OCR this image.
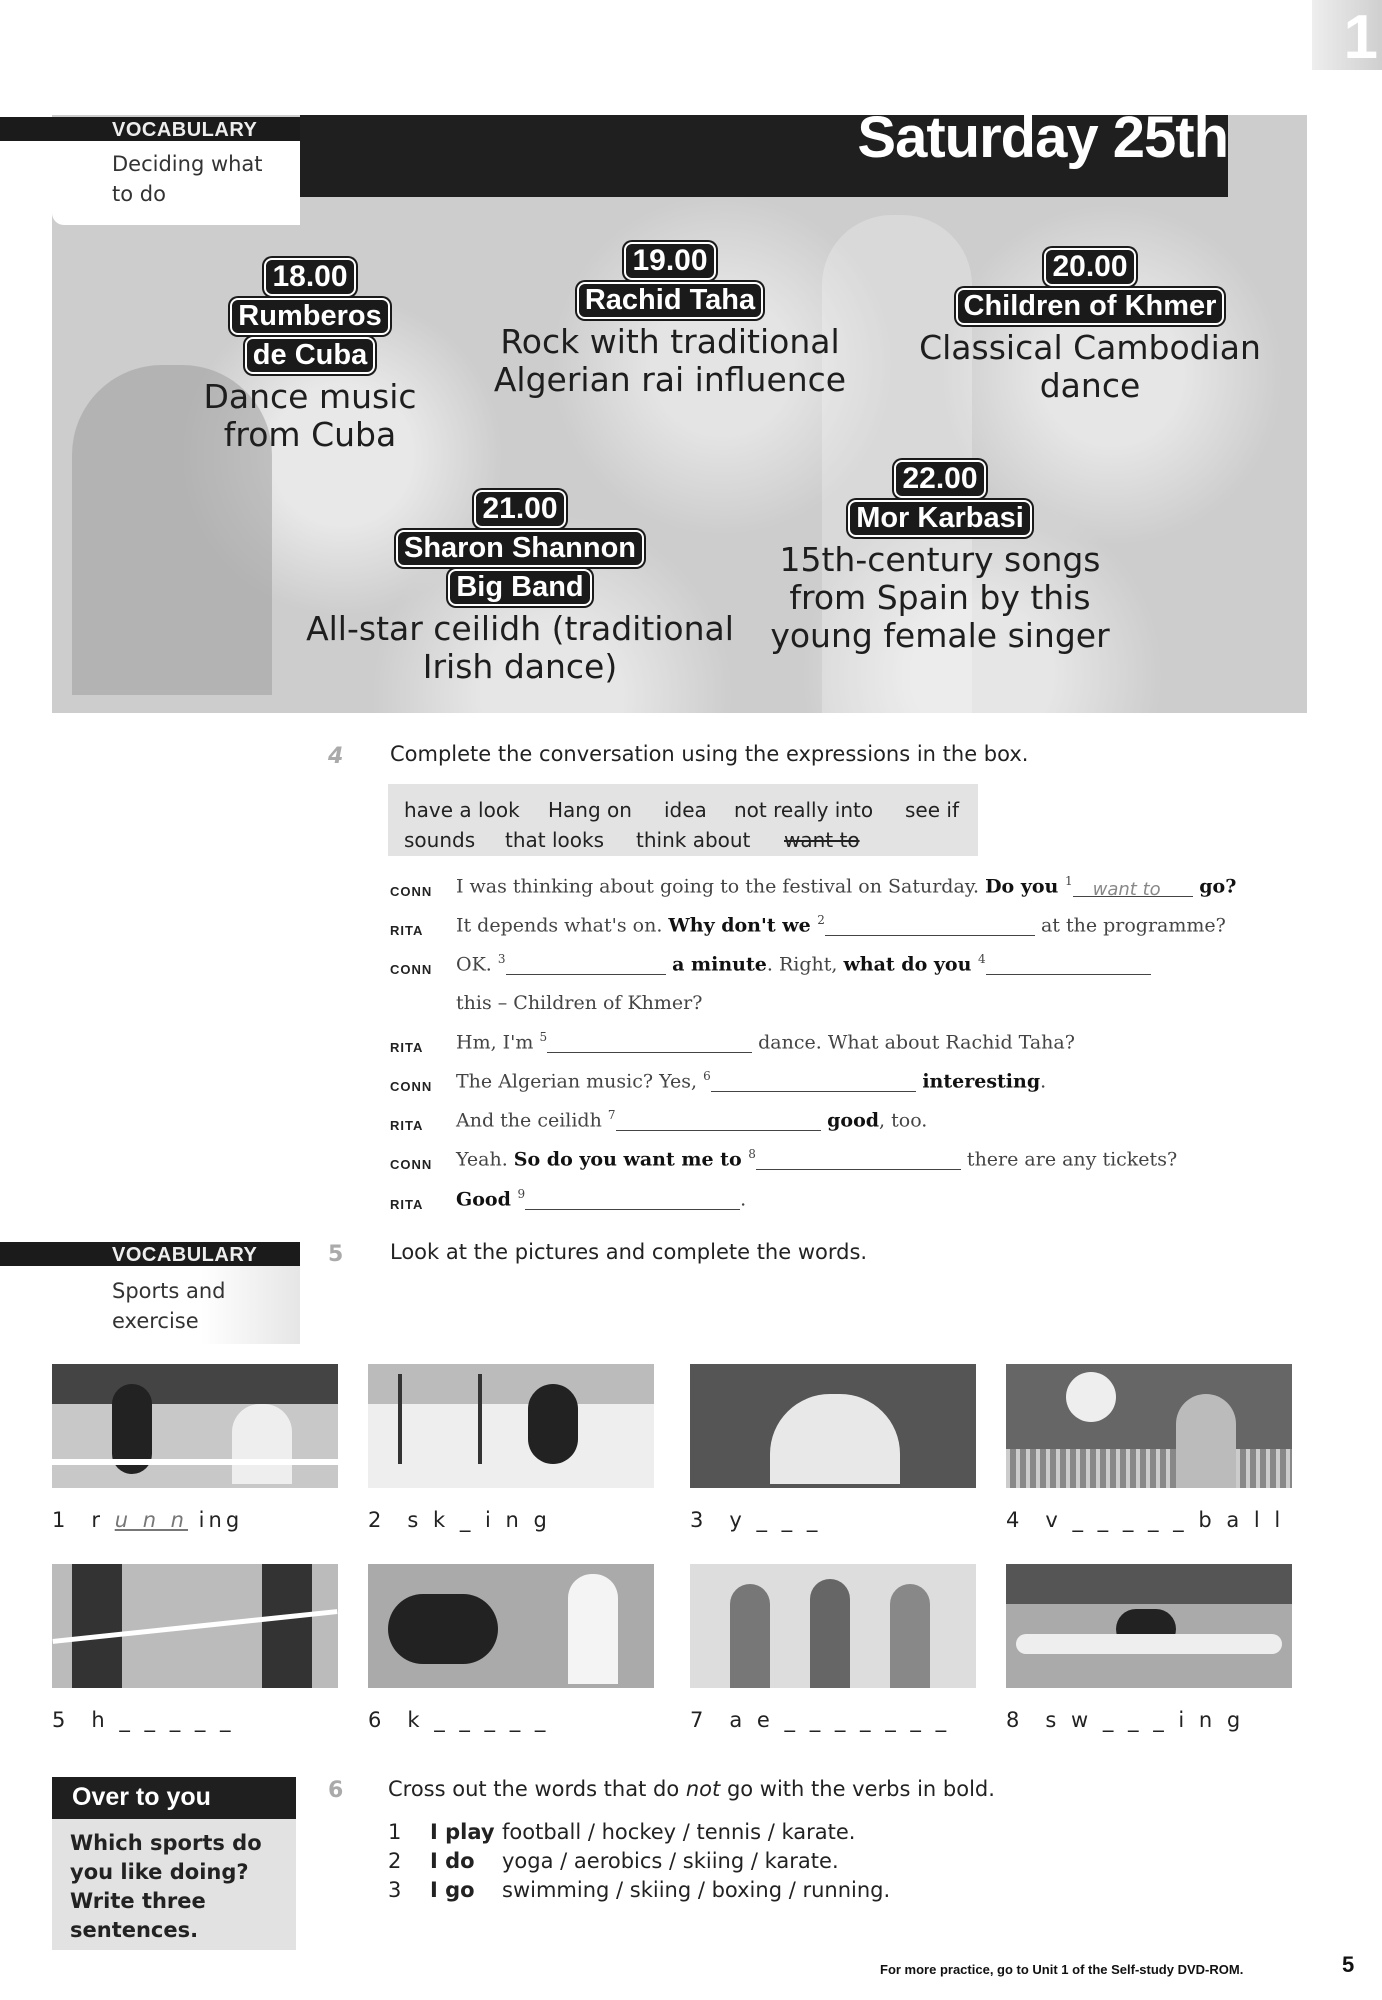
1
VOCABULARY
Deciding what
to do
Saturday 25th
18.00
Rumberos
de Cuba
Dance music
from Cuba
19.00
Rachid Taha
Rock with traditional
Algerian rai influence
20.00
Children of Khmer
Classical Cambodian
dance
21.00
Sharon Shannon
Big Band
All-star ceilidh (traditional
Irish dance)
22.00
Mor Karbasi
15th-century songs
from Spain by this
young female singer
4 Complete the conversation using the expressions in the box.
have a look Hang on idea not really into see if
sounds that looks think about want to
CONN I was thinking about going to the festival on Saturday. Do you $^1$ want to go?
RITA It depends what's on. Why don't we $^2$	at the programme?
CONN OK. $^3$	a minute. Right, what do you $^4$
this – Children of Khmer?
RITA Hm, I'm $^5$	dance. What about Rachid Taha?
CONN The Algerian music? Yes, $^6$	interesting.
RITA And the ceilidh $^7$	good, too.
CONN Yeah. So do you want me to $^8$	there are any tickets?
RITA Good $^9$	.
VOCABULARY
Sports and
exercise
5 Look at the pictures and complete the words.
1 r u n n ing	2 s k _ i n g	3 y _ _ _	4 v _ _ _ _ _ b a l l
5 h _ _ _ _ _	6 k _ _ _ _ _	7 a e _ _ _ _ _ _ _	8 s w _ _ _ i n g
Over to you
Which sports do
you like doing?
Write three
sentences.
6 Cross out the words that do not go with the verbs in bold.
1 I play football / hockey / tennis / karate.
2 I do yoga / aerobics / skiing / karate.
3 I go swimming / skiing / boxing / running.
For more practice, go to Unit 1 of the Self-study DVD-ROM.	5
